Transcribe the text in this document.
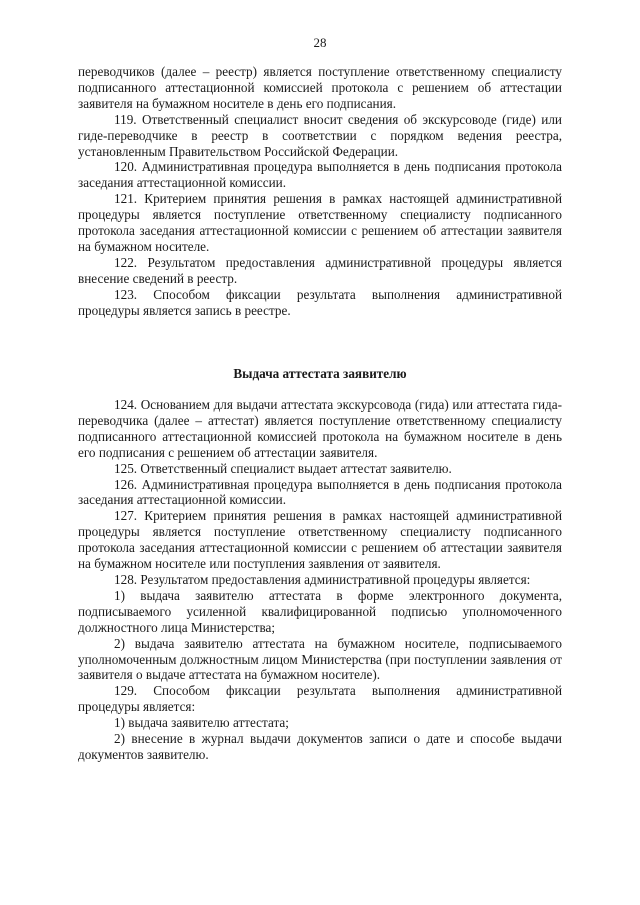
28

переводчиков (далее – реестр) является поступление ответственному специалисту подписанного аттестационной комиссией протокола с решением об аттестации заявителя на бумажном носителе в день его подписания.

119. Ответственный специалист вносит сведения об экскурсоводе (гиде) или гиде-переводчике в реестр в соответствии с порядком ведения реестра, установленным Правительством Российской Федерации.

120. Административная процедура выполняется в день подписания протокола заседания аттестационной комиссии.

121. Критерием принятия решения в рамках настоящей административной процедуры является поступление ответственному специалисту подписанного протокола заседания аттестационной комиссии с решением об аттестации заявителя на бумажном носителе.

122. Результатом предоставления административной процедуры является внесение сведений в реестр.

123. Способом фиксации результата выполнения административной процедуры является запись в реестре.

Выдача аттестата заявителю

124. Основанием для выдачи аттестата экскурсовода (гида) или аттестата гида-переводчика (далее – аттестат) является поступление ответственному специалисту подписанного аттестационной комиссией протокола на бумажном носителе в день его подписания с решением об аттестации заявителя.

125. Ответственный специалист выдает аттестат заявителю.

126. Административная процедура выполняется в день подписания протокола заседания аттестационной комиссии.

127. Критерием принятия решения в рамках настоящей административной процедуры является поступление ответственному специалисту подписанного протокола заседания аттестационной комиссии с решением об аттестации заявителя на бумажном носителе или поступления заявления от заявителя.

128. Результатом предоставления административной процедуры является:

1) выдача заявителю аттестата в форме электронного документа, подписываемого усиленной квалифицированной подписью уполномоченного должностного лица Министерства;

2) выдача заявителю аттестата на бумажном носителе, подписываемого уполномоченным должностным лицом Министерства (при поступлении заявления от заявителя о выдаче аттестата на бумажном носителе).

129. Способом фиксации результата выполнения административной процедуры является:

1) выдача заявителю аттестата;

2) внесение в журнал выдачи документов записи о дате и способе выдачи документов заявителю.
